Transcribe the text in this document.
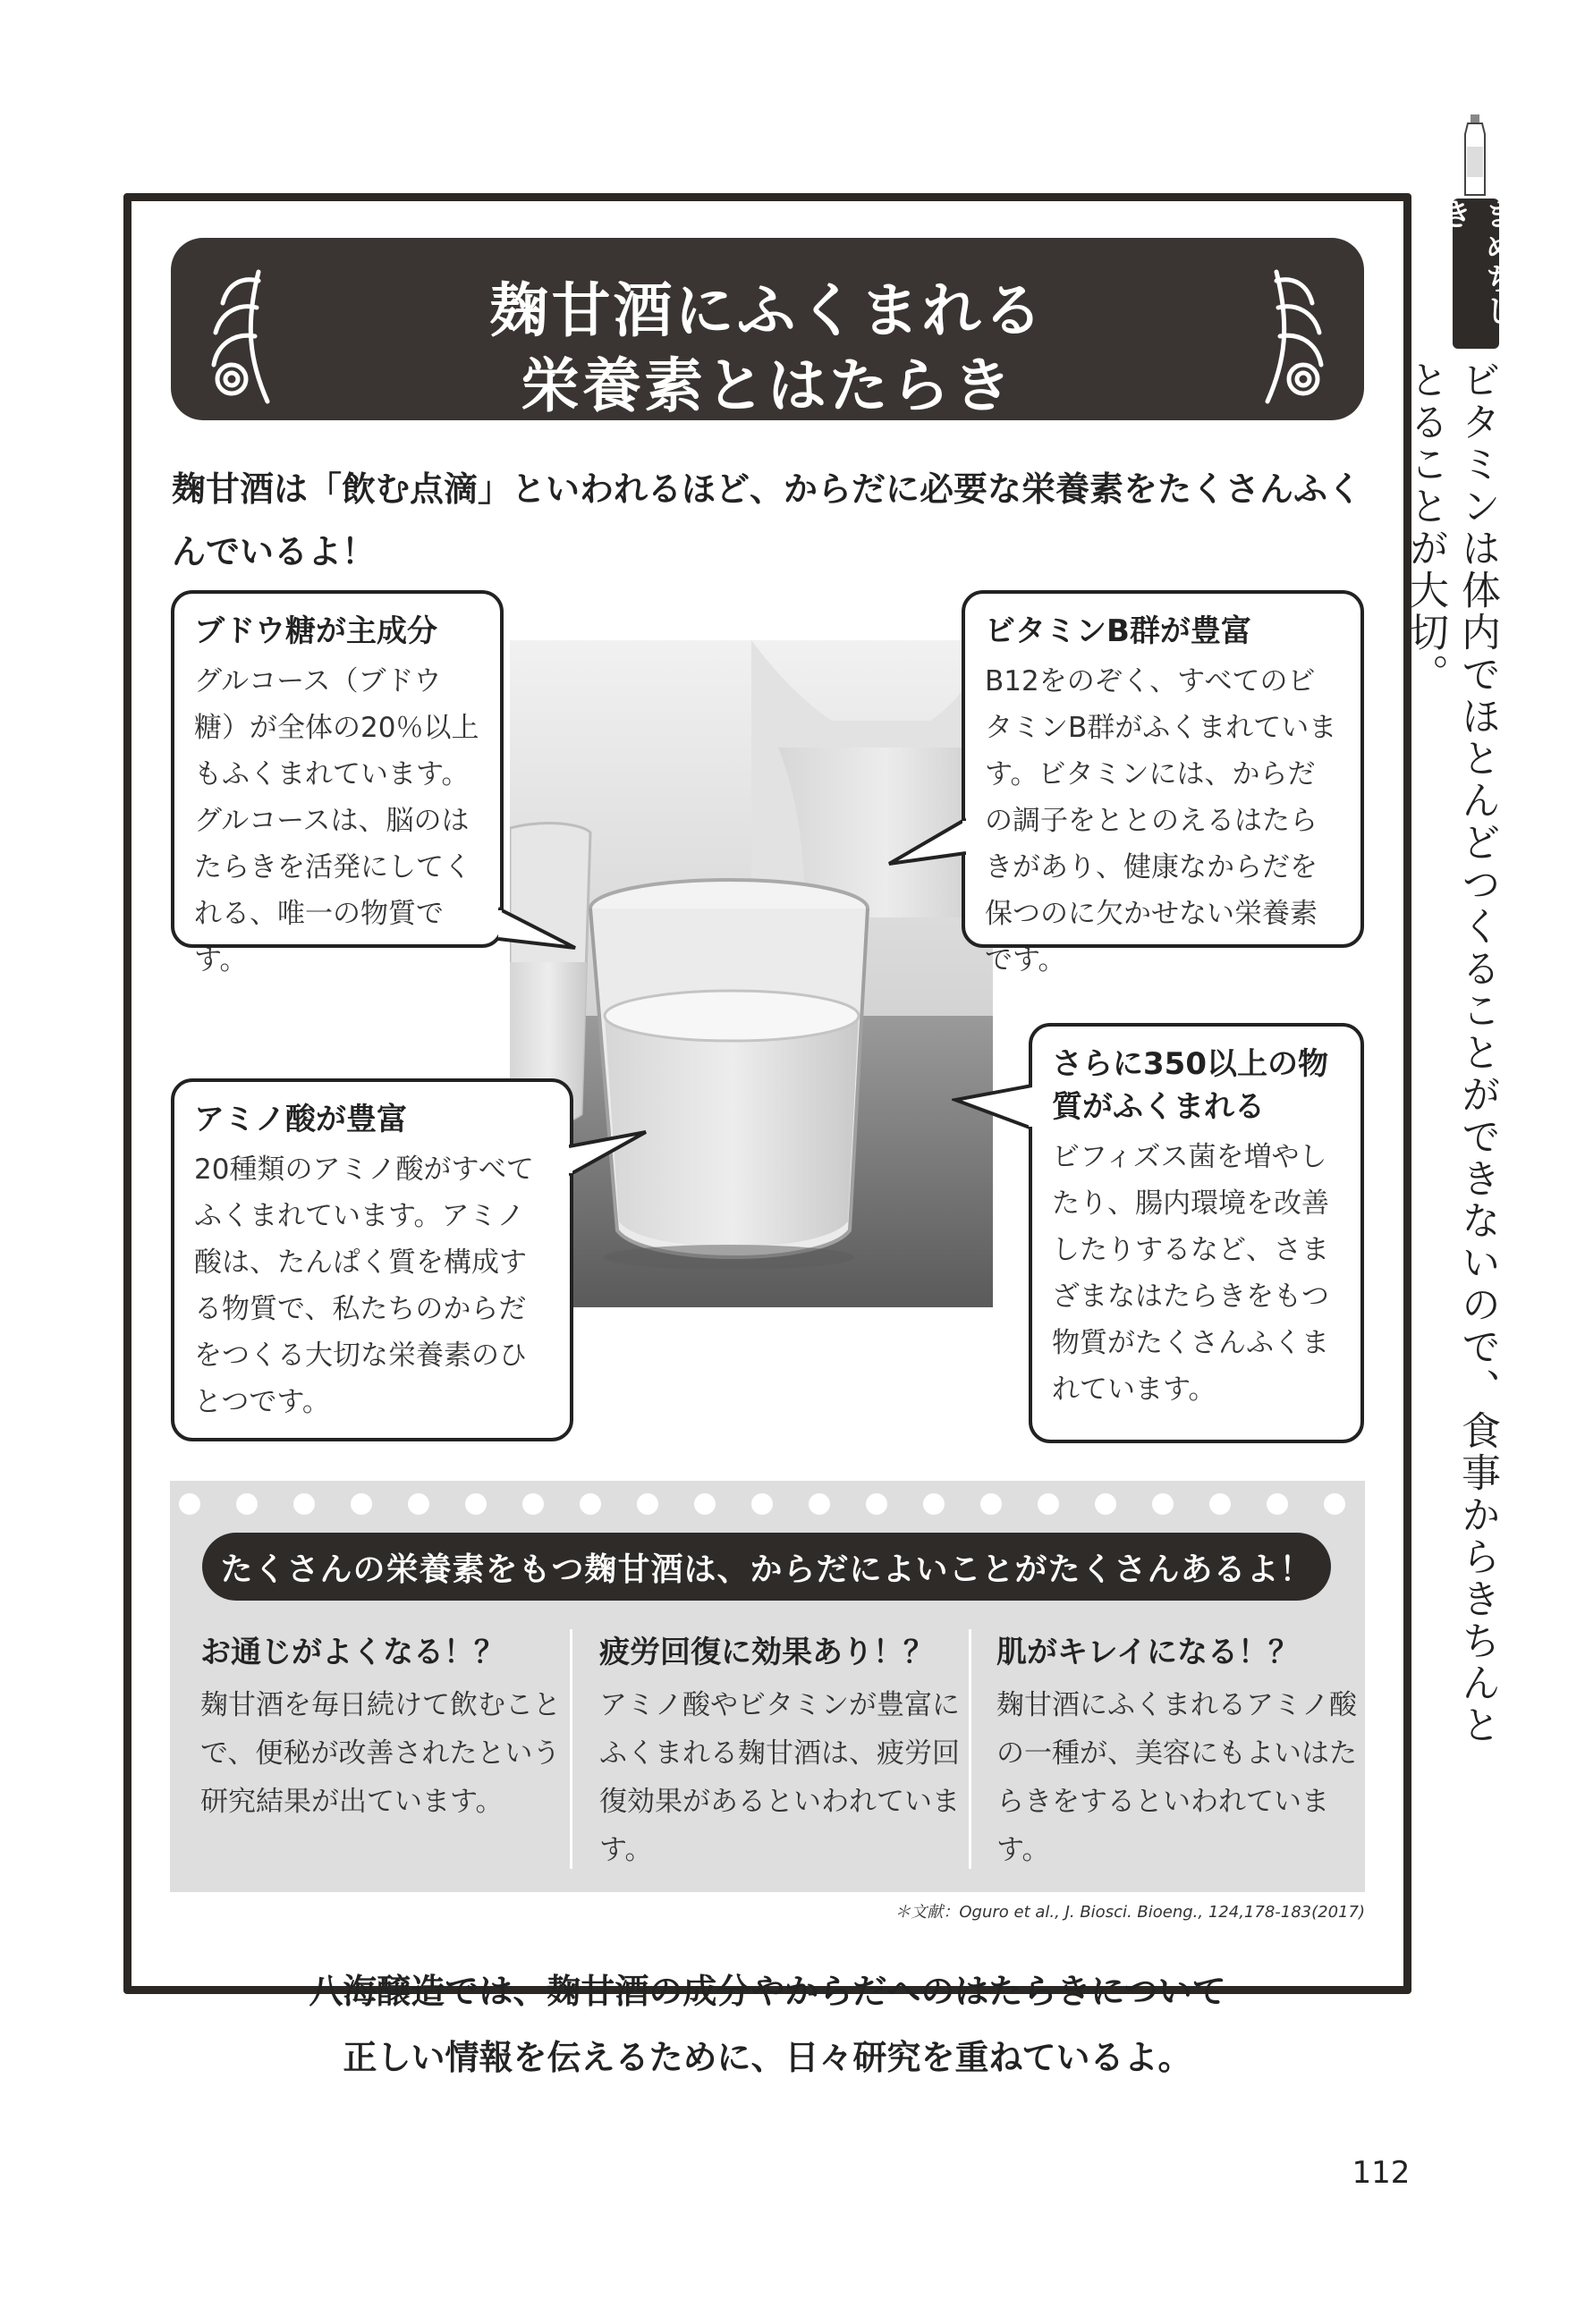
まめちしき
ビタミンは体内でほとんどつくることができないので、食事からきちんととることが大切。
麹甘酒にふくまれる
栄養素とはたらき
麹甘酒は「飲む点滴」といわれるほど、からだに必要な栄養素をたくさんふくんでいるよ！
ブドウ糖が主成分

グルコース（ブドウ糖）が全体の20％以上もふくまれています。グルコースは、脳のはたらきを活発にしてくれる、唯一の物質です。

ビタミンB群が豊富

B12をのぞく、すべてのビタミンB群がふくまれています。ビタミンには、からだの調子をととのえるはたらきがあり、健康なからだを保つのに欠かせない栄養素です。

アミノ酸が豊富

20種類のアミノ酸がすべてふくまれています。アミノ酸は、たんぱく質を構成する物質で、私たちのからだをつくる大切な栄養素のひとつです。

さらに350以上の物質がふくまれる

ビフィズス菌を増やしたり、腸内環境を改善したりするなど、さまざまなはたらきをもつ物質がたくさんふくまれています。

たくさんの栄養素をもつ麹甘酒は、からだによいことがたくさんあるよ！
お通じがよくなる！？

麹甘酒を毎日続けて飲むことで、便秘が改善されたという研究結果が出ています。

疲労回復に効果あり！？

アミノ酸やビタミンが豊富にふくまれる麹甘酒は、疲労回復効果があるといわれています。

肌がキレイになる！？

麹甘酒にふくまれるアミノ酸の一種が、美容にもよいはたらきをするといわれています。

＊文献：Oguro et al., J. Biosci. Bioeng., 124,178-183(2017)
八海醸造では、麹甘酒の成分やからだへのはたらきについて
正しい情報を伝えるために、日々研究を重ねているよ。
112
